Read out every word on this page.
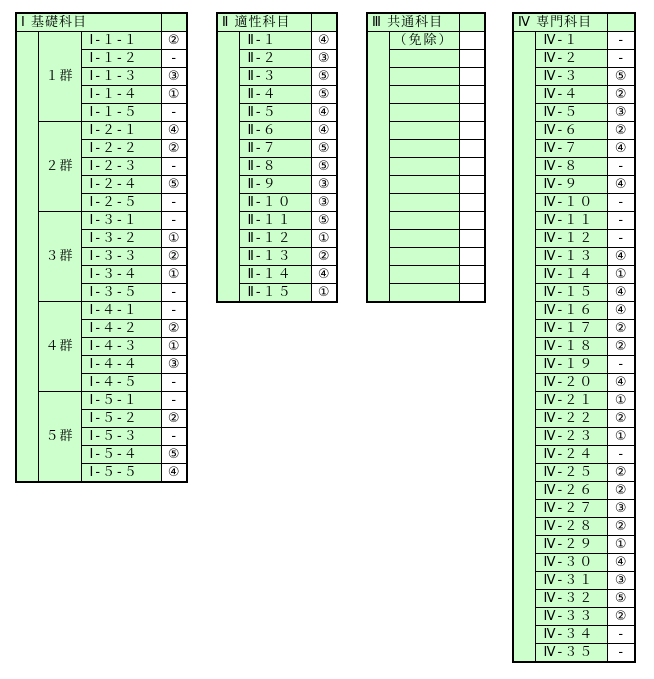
Ⅰ 基礎科目			
	１群	Ⅰ-１-１	②
		Ⅰ-１-２	-
		Ⅰ-１-３	③
		Ⅰ-１-４	①
		Ⅰ-１-５	-
	２群	Ⅰ-２-１	④
		Ⅰ-２-２	②
		Ⅰ-２-３	-
		Ⅰ-２-４	⑤
		Ⅰ-２-５	-
	３群	Ⅰ-３-１	-
		Ⅰ-３-２	①
		Ⅰ-３-３	②
		Ⅰ-３-４	①
		Ⅰ-３-５	-
	４群	Ⅰ-４-１	-
		Ⅰ-４-２	②
		Ⅰ-４-３	①
		Ⅰ-４-４	③
		Ⅰ-４-５	-
	５群	Ⅰ-５-１	-
		Ⅰ-５-２	②
		Ⅰ-５-３	-
		Ⅰ-５-４	⑤
		Ⅰ-５-５	④
Ⅱ 適性科目		
	Ⅱ-１	④
	Ⅱ-２	③
	Ⅱ-３	⑤
	Ⅱ-４	⑤
	Ⅱ-５	④
	Ⅱ-６	④
	Ⅱ-７	⑤
	Ⅱ-８	⑤
	Ⅱ-９	③
	Ⅱ-１０	③
	Ⅱ-１１	⑤
	Ⅱ-１２	①
	Ⅱ-１３	②
	Ⅱ-１４	④
	Ⅱ-１５	①
Ⅲ 共通科目		
	（免除）	

Ⅳ 専門科目		
	Ⅳ-１	-
	Ⅳ-２	-
	Ⅳ-３	⑤
	Ⅳ-４	②
	Ⅳ-５	③
	Ⅳ-６	②
	Ⅳ-７	④
	Ⅳ-８	-
	Ⅳ-９	④
	Ⅳ-１０	-
	Ⅳ-１１	-
	Ⅳ-１２	-
	Ⅳ-１３	④
	Ⅳ-１４	①
	Ⅳ-１５	④
	Ⅳ-１６	④
	Ⅳ-１７	②
	Ⅳ-１８	②
	Ⅳ-１９	-
	Ⅳ-２０	④
	Ⅳ-２１	①
	Ⅳ-２２	②
	Ⅳ-２３	①
	Ⅳ-２４	-
	Ⅳ-２５	②
	Ⅳ-２６	②
	Ⅳ-２７	③
	Ⅳ-２８	②
	Ⅳ-２９	①
	Ⅳ-３０	④
	Ⅳ-３１	③
	Ⅳ-３２	⑤
	Ⅳ-３３	②
	Ⅳ-３４	-
	Ⅳ-３５	-
